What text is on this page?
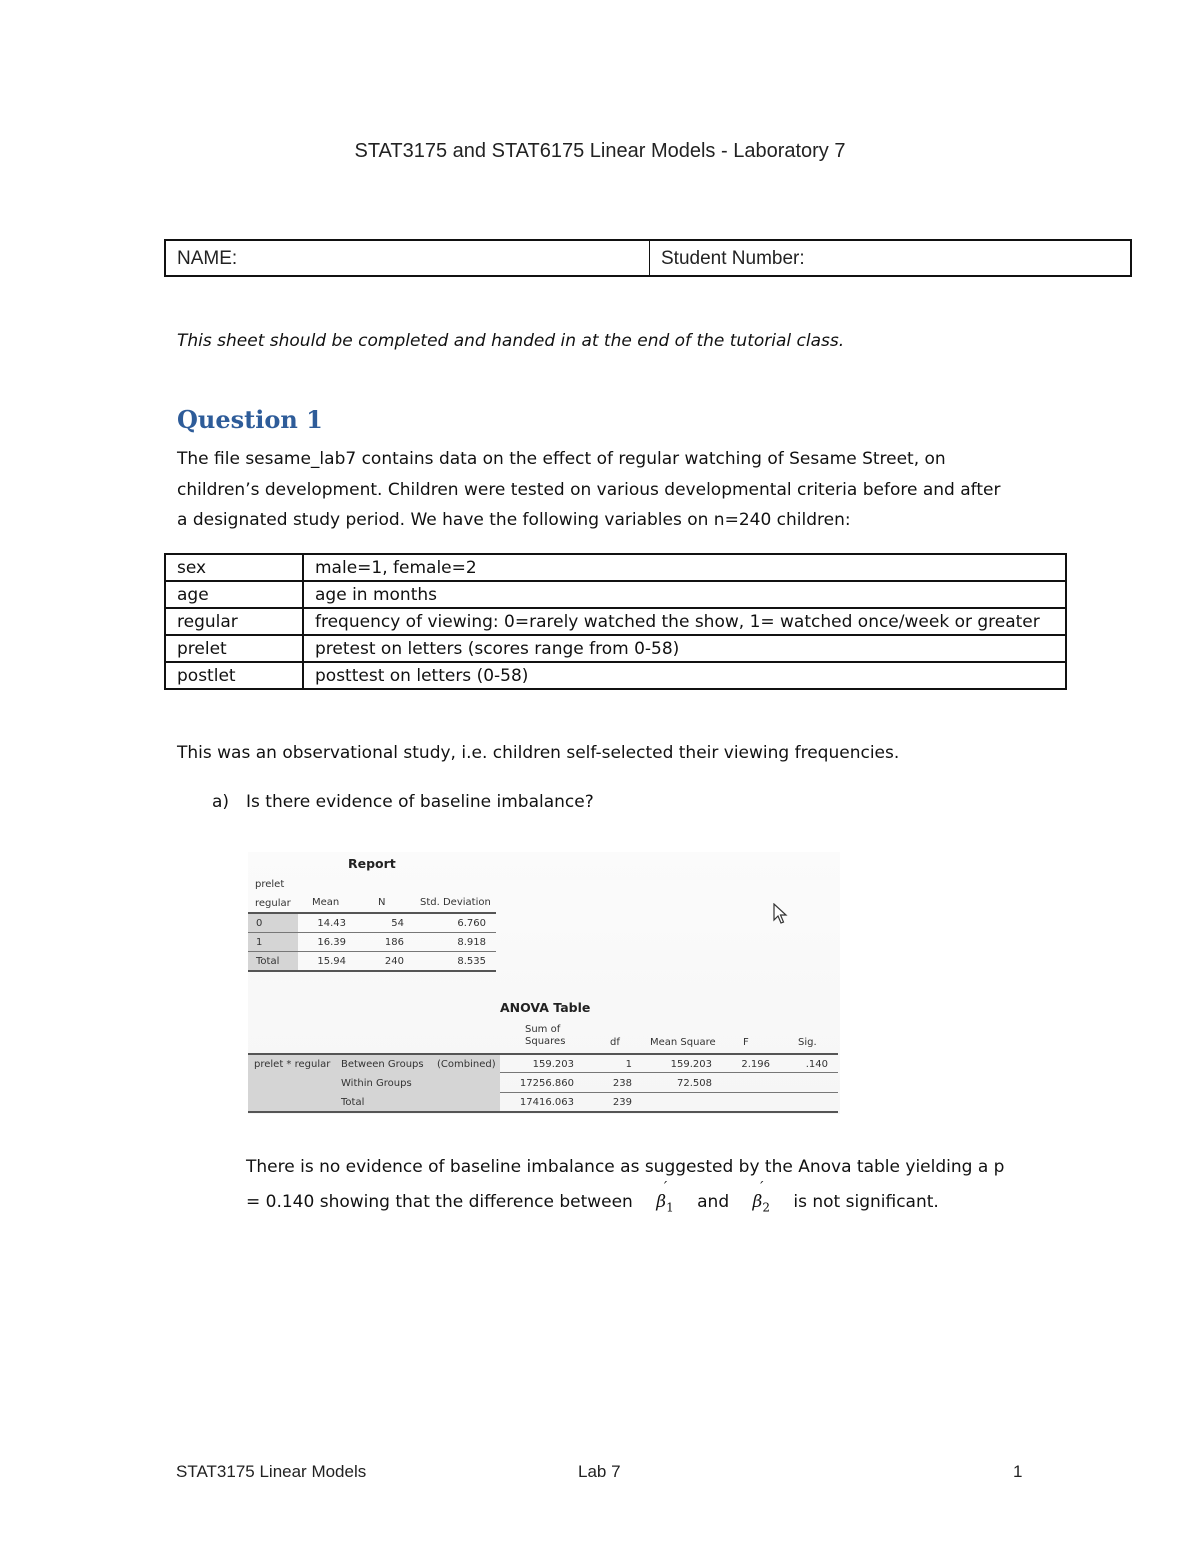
STAT3175 and STAT6175 Linear Models - Laboratory 7
NAME:	Student Number:
This sheet should be completed and handed in at the end of the tutorial class.
Question 1
The file sesame_lab7 contains data on the effect of regular watching of Sesame Street, on
children’s development. Children were tested on various developmental criteria before and after
a designated study period. We have the following variables on n=240 children:
sex	male=1, female=2
age	age in months
regular	frequency of viewing: 0=rarely watched the show, 1= watched once/week or greater
prelet	pretest on letters (scores range from 0-58)
postlet	posttest on letters (0-58)
This was an observational study, i.e. children self-selected their viewing frequencies.
a) Is there evidence of baseline imbalance?
Report
prelet
regular Mean	N	Std. Deviation
0	14.43	54	6.760
1	16.39	186	8.918
Total	15.94	240	8.535
ANOVA Table
Sum of
Squares	df	Mean Square	F	Sig.
prelet * regular Between Groups (Combined)	159.203	1	159.203	2.196	.140
Within Groups	17256.860	238	72.508
Total	17416.063	239
There is no evidence of baseline imbalance as suggested by the Anova table yielding a p
= 0.140 showing that the difference between
ˊ
$\beta_1$ and
ˊ
$\beta_2$ is not significant.
STAT3175 Linear Models	Lab 7	1
